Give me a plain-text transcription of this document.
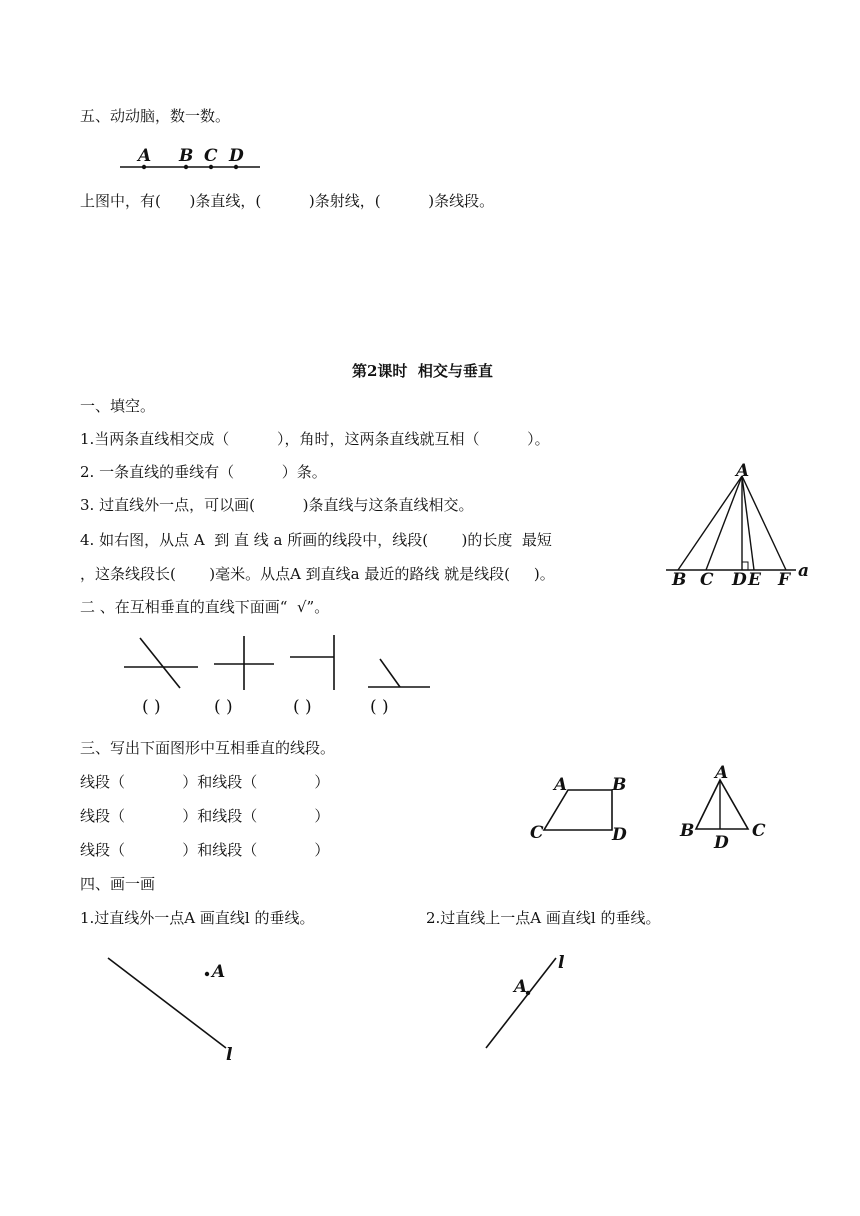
五、动动脑，数一数。
A B C D
上图中，有(      )条直线，(          )条射线，(          )条线段。
第2课时  相交与垂直
一、填空。
1.当两条直线相交成（          ），角时，这两条直线就互相（          ）。
2. 一条直线的垂线有（          ）条。
3. 过直线外一点，可以画(          )条直线与这条直线相交。
4. 如右图，从点 A  到 直 线 a 所画的线段中，线段(       )的长度  最短
，这条线段长(       )毫米。从点A 到直线a 最近的路线 就是线段(     )。
A
B C D E F a
二 、在互相垂直的直线下面画“  √”。
( )	( )	( )	( )
三、写出下面图形中互相垂直的线段。
线段（            ）和线段（            ）
线段（            ）和线段（            ）
线段（            ）和线段（            ）
A	B
C	D
A
B	C
D
四、画一画
1.过直线外一点A 画直线l 的垂线。	2.过直线上一点A 画直线l 的垂线。
A
l
A
l
